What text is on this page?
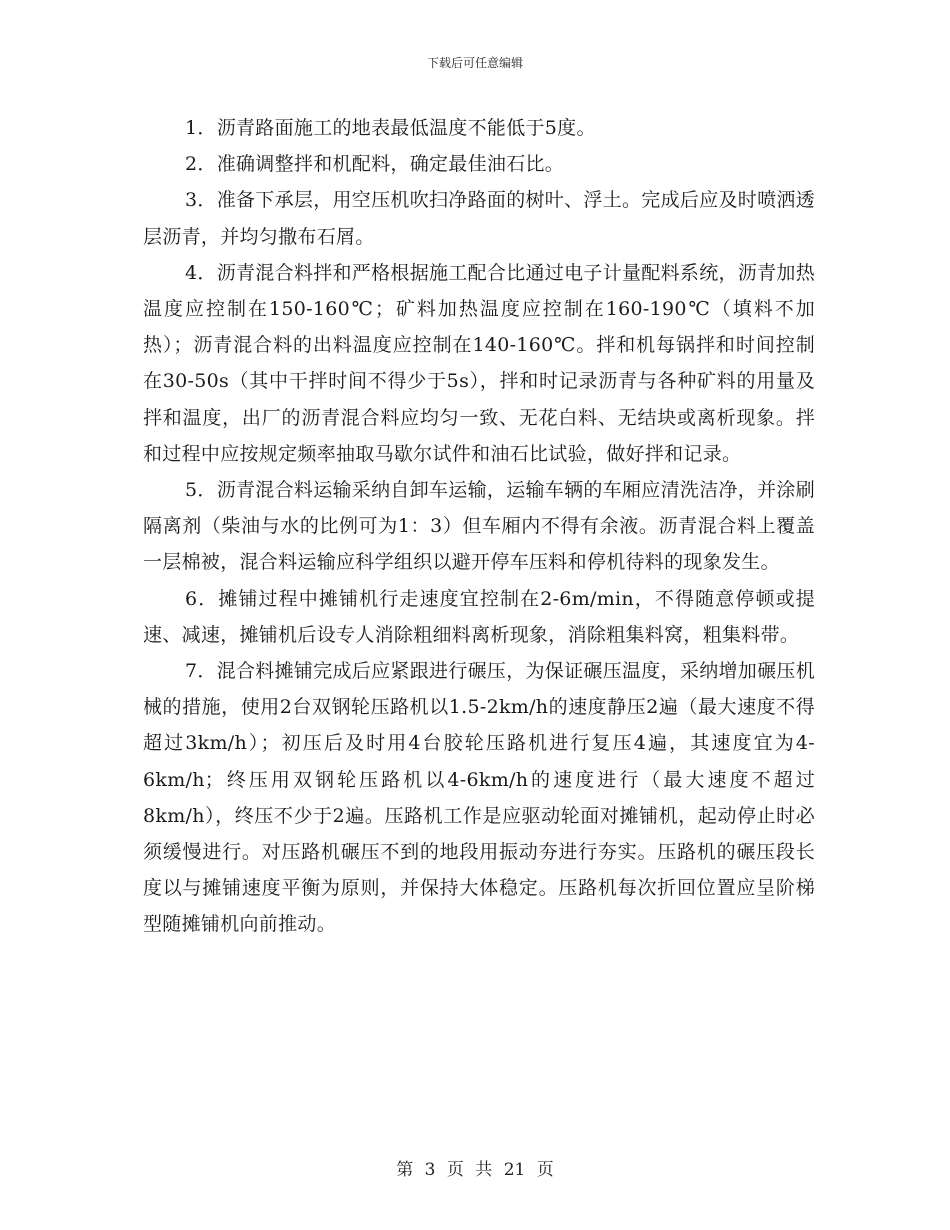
下载后可任意编辑

1．沥青路面施工的地表最低温度不能低于5度。

2．准确调整拌和机配料，确定最佳油石比。

3．准备下承层，用空压机吹扫净路面的树叶、浮土。完成后应及时喷洒透层沥青，并均匀撒布石屑。

4．沥青混合料拌和严格根据施工配合比通过电子计量配料系统，沥青加热温度应控制在150-160℃；矿料加热温度应控制在160-190℃（填料不加热）；沥青混合料的出料温度应控制在140-160℃。拌和机每锅拌和时间控制在30-50s（其中干拌时间不得少于5s），拌和时记录沥青与各种矿料的用量及拌和温度，出厂的沥青混合料应均匀一致、无花白料、无结块或离析现象。拌和过程中应按规定频率抽取马歇尔试件和油石比试验，做好拌和记录。

5．沥青混合料运输采纳自卸车运输，运输车辆的车厢应清洗洁净，并涂刷隔离剂（柴油与水的比例可为1：3）但车厢内不得有余液。沥青混合料上覆盖一层棉被，混合料运输应科学组织以避开停车压料和停机待料的现象发生。

6．摊铺过程中摊铺机行走速度宜控制在2-6m/min，不得随意停顿或提速、减速，摊铺机后设专人消除粗细料离析现象，消除粗集料窝，粗集料带。

7．混合料摊铺完成后应紧跟进行碾压，为保证碾压温度，采纳增加碾压机械的措施，使用2台双钢轮压路机以1.5-2km/h的速度静压2遍（最大速度不得超过3km/h）；初压后及时用4台胶轮压路机进行复压4遍，其速度宜为4-6km/h；终压用双钢轮压路机以4-6km/h的速度进行（最大速度不超过8km/h），终压不少于2遍。压路机工作是应驱动轮面对摊铺机，起动停止时必须缓慢进行。对压路机碾压不到的地段用振动夯进行夯实。压路机的碾压段长度以与摊铺速度平衡为原则，并保持大体稳定。压路机每次折回位置应呈阶梯型随摊铺机向前推动。

第 3 页 共 21 页
